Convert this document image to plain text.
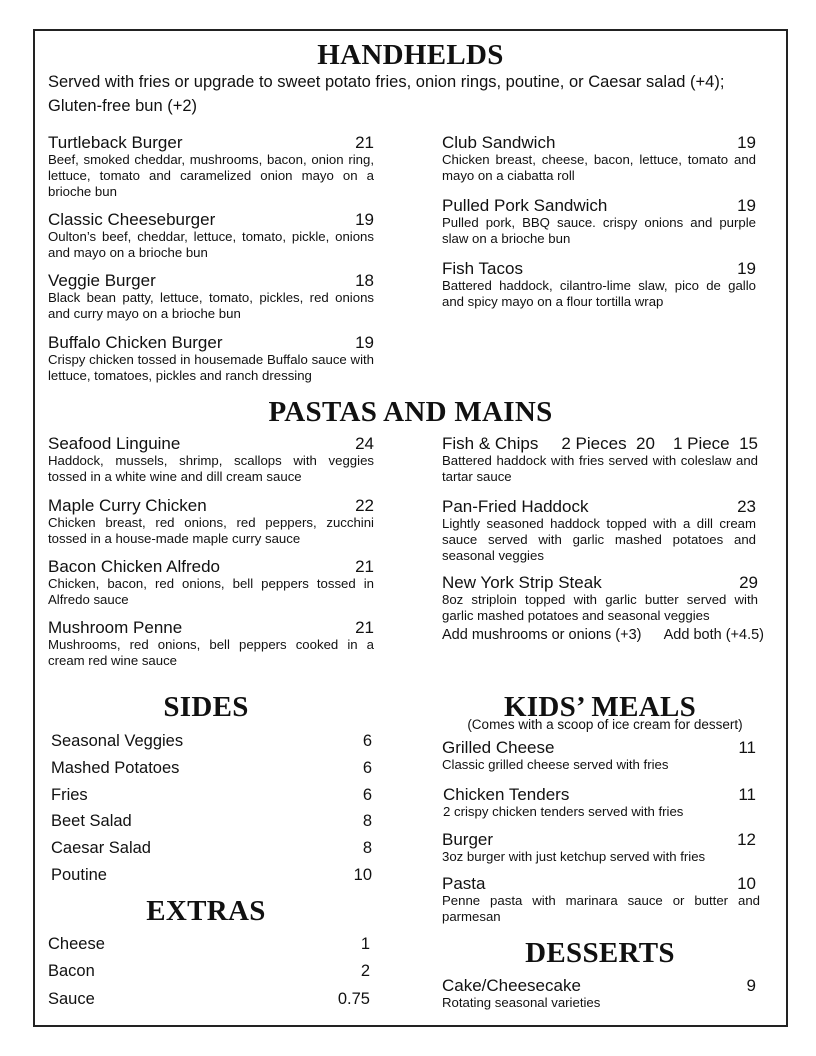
HANDHELDS
Served with fries or upgrade to sweet potato fries, onion rings, poutine, or Caesar salad (+4); Gluten-free bun (+2)
Turtleback Burger	21
Beef, smoked cheddar, mushrooms, bacon, onion ring, lettuce, tomato and caramelized onion mayo on a brioche bun
Classic Cheeseburger	19
Oulton’s beef, cheddar, lettuce, tomato, pickle, onions and mayo on a brioche bun
Veggie Burger	18
Black bean patty, lettuce, tomato, pickles, red onions and curry mayo on a brioche bun
Buffalo Chicken Burger	19
Crispy chicken tossed in housemade Buffalo sauce with lettuce, tomatoes, pickles and ranch dressing
Club Sandwich	19
Chicken breast, cheese, bacon, lettuce, tomato and mayo on a ciabatta roll
Pulled Pork Sandwich	19
Pulled pork, BBQ sauce. crispy onions and purple slaw on a brioche bun
Fish Tacos	19
Battered haddock, cilantro-lime slaw, pico de gallo and spicy mayo on a flour tortilla wrap
PASTAS AND MAINS
Seafood Linguine	24
Haddock, mussels, shrimp, scallops with veggies tossed in a white wine and dill cream sauce
Maple Curry Chicken	22
Chicken breast, red onions, red peppers, zucchini tossed in a house-made maple curry sauce
Bacon Chicken Alfredo	21
Chicken, bacon, red onions, bell peppers tossed in Alfredo sauce
Mushroom Penne	21
Mushrooms, red onions, bell peppers cooked in a cream red wine sauce
Fish & Chips 2 Pieces  20 1 Piece  15
Battered haddock with fries served with coleslaw and tartar sauce
Pan-Fried Haddock	23
Lightly seasoned haddock topped with a dill cream sauce served with garlic mashed potatoes and seasonal veggies
New York Strip Steak	29
8oz striploin topped with garlic butter served with garlic mashed potatoes and seasonal veggies
Add mushrooms or onions (+3) Add both (+4.5)
SIDES
Seasonal Veggies	6
Mashed Potatoes	6
Fries	6
Beet Salad	8
Caesar Salad	8
Poutine	10
EXTRAS
Cheese	1
Bacon	2
Sauce	0.75
KIDS’ MEALS
(Comes with a scoop of ice cream for dessert)
Grilled Cheese	11
Classic grilled cheese served with fries
Chicken Tenders	11
2 crispy chicken tenders served with fries
Burger	12
3oz burger with just ketchup served with fries
Pasta	10
Penne pasta with marinara sauce or butter and parmesan
DESSERTS
Cake/Cheesecake	9
Rotating seasonal varieties
